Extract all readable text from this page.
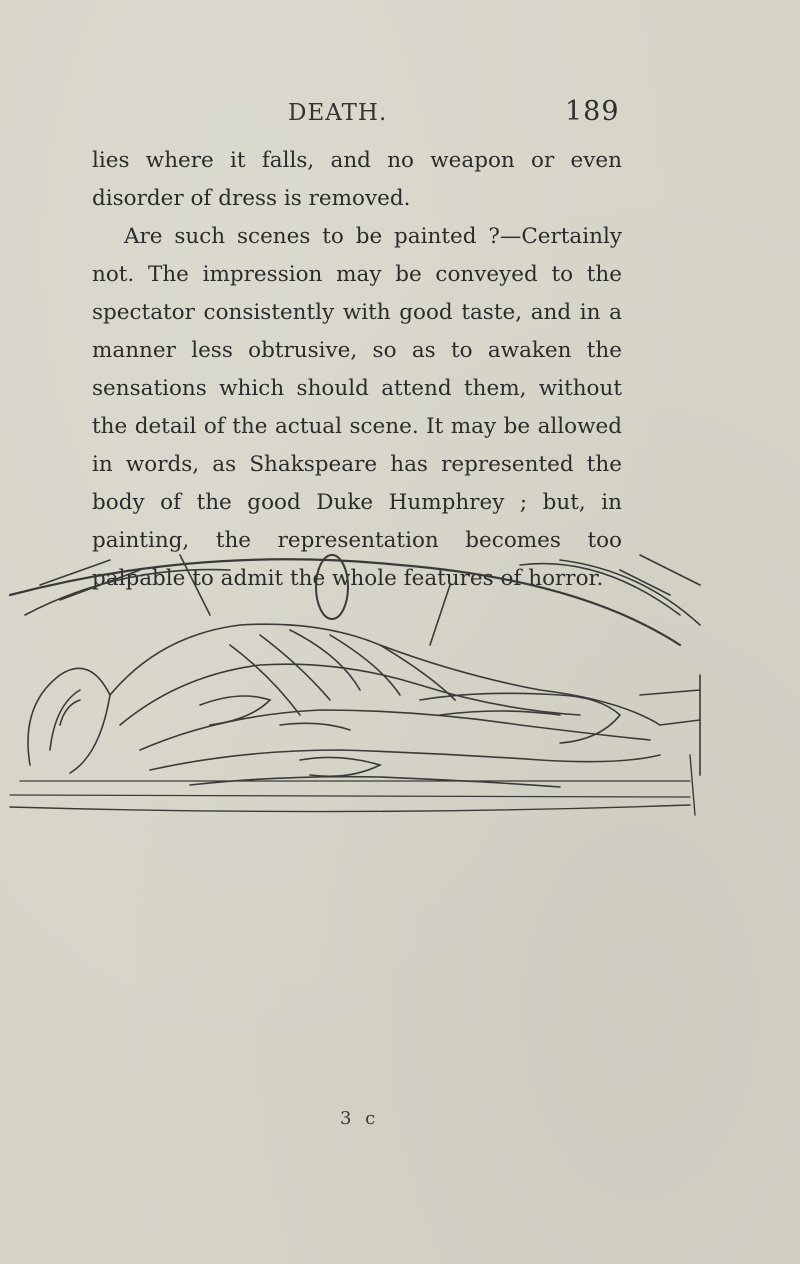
DEATH.	189

lies where it falls, and no weapon or even disorder of dress is removed.

Are such scenes to be painted ?—Certainly not. The impression may be conveyed to the spectator consistently with good taste, and in a manner less obtrusive, so as to awaken the sensations which should attend them, without the detail of the actual scene. It may be allowed in words, as Shakspeare has represented the body of the good Duke Humphrey ; but, in painting, the representation becomes too palpable to admit the whole features of horror.

3 c
